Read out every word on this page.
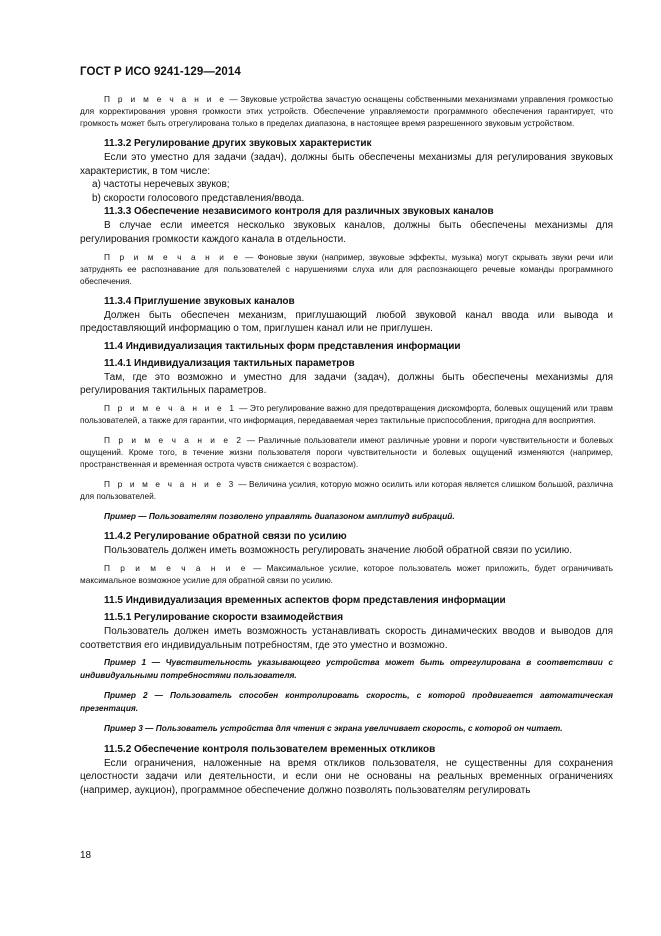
ГОСТ Р ИСО 9241-129—2014

П р и м е ч а н и е — Звуковые устройства зачастую оснащены собственными механизмами управления громкостью для корректирования уровня громкости этих устройств. Обеспечение управляемости программного обеспечения гарантирует, что громкость может быть отрегулирована только в пределах диапазона, в настоящее время разрешенного звуковым устройством.

11.3.2 Регулирование других звуковых характеристик

Если это уместно для задачи (задач), должны быть обеспечены механизмы для регулирования звуковых характеристик, в том числе:

a) частоты неречевых звуков;

b) скорости голосового представления/ввода.

11.3.3 Обеспечение независимого контроля для различных звуковых каналов

В случае если имеется несколько звуковых каналов, должны быть обеспечены механизмы для регулирования громкости каждого канала в отдельности.

П р и м е ч а н и е — Фоновые звуки (например, звуковые эффекты, музыка) могут скрывать звуки речи или затруднять ее распознавание для пользователей с нарушениями слуха или для распознающего речевые команды программного обеспечения.

11.3.4 Приглушение звуковых каналов

Должен быть обеспечен механизм, приглушающий любой звуковой канал ввода или вывода и предоставляющий информацию о том, приглушен канал или не приглушен.

11.4 Индивидуализация тактильных форм представления информации

11.4.1 Индивидуализация тактильных параметров

Там, где это возможно и уместно для задачи (задач), должны быть обеспечены механизмы для регулирования тактильных параметров.

П р и м е ч а н и е 1 — Это регулирование важно для предотвращения дискомфорта, болевых ощущений или травм пользователей, а также для гарантии, что информация, передаваемая через тактильные приспособления, пригодна для восприятия.

П р и м е ч а н и е 2 — Различные пользователи имеют различные уровни и пороги чувствительности и болевых ощущений. Кроме того, в течение жизни пользователя пороги чувствительности и болевых ощущений изменяются (например, пространственная и временная острота чувств снижается с возрастом).

П р и м е ч а н и е 3 — Величина усилия, которую можно осилить или которая является слишком большой, различна для пользователей.

Пример — Пользователям позволено управлять диапазоном амплитуд вибраций.

11.4.2 Регулирование обратной связи по усилию

Пользователь должен иметь возможность регулировать значение любой обратной связи по усилию.

П р и м е ч а н и е — Максимальное усилие, которое пользователь может приложить, будет ограничивать максимальное возможное усилие для обратной связи по усилию.

11.5 Индивидуализация временных аспектов форм представления информации

11.5.1 Регулирование скорости взаимодействия

Пользователь должен иметь возможность устанавливать скорость динамических вводов и выводов для соответствия его индивидуальным потребностям, где это уместно и возможно.

Пример 1 — Чувствительность указывающего устройства может быть отрегулирована в соответствии с индивидуальными потребностями пользователя.

Пример 2 — Пользователь способен контролировать скорость, с которой продвигается автоматическая презентация.

Пример 3 — Пользователь устройства для чтения с экрана увеличивает скорость, с которой он читает.

11.5.2 Обеспечение контроля пользователем временных откликов

Если ограничения, наложенные на время откликов пользователя, не существенны для сохранения целостности задачи или деятельности, и если они не основаны на реальных временных ограничениях (например, аукцион), программное обеспечение должно позволять пользователям регулировать

18
